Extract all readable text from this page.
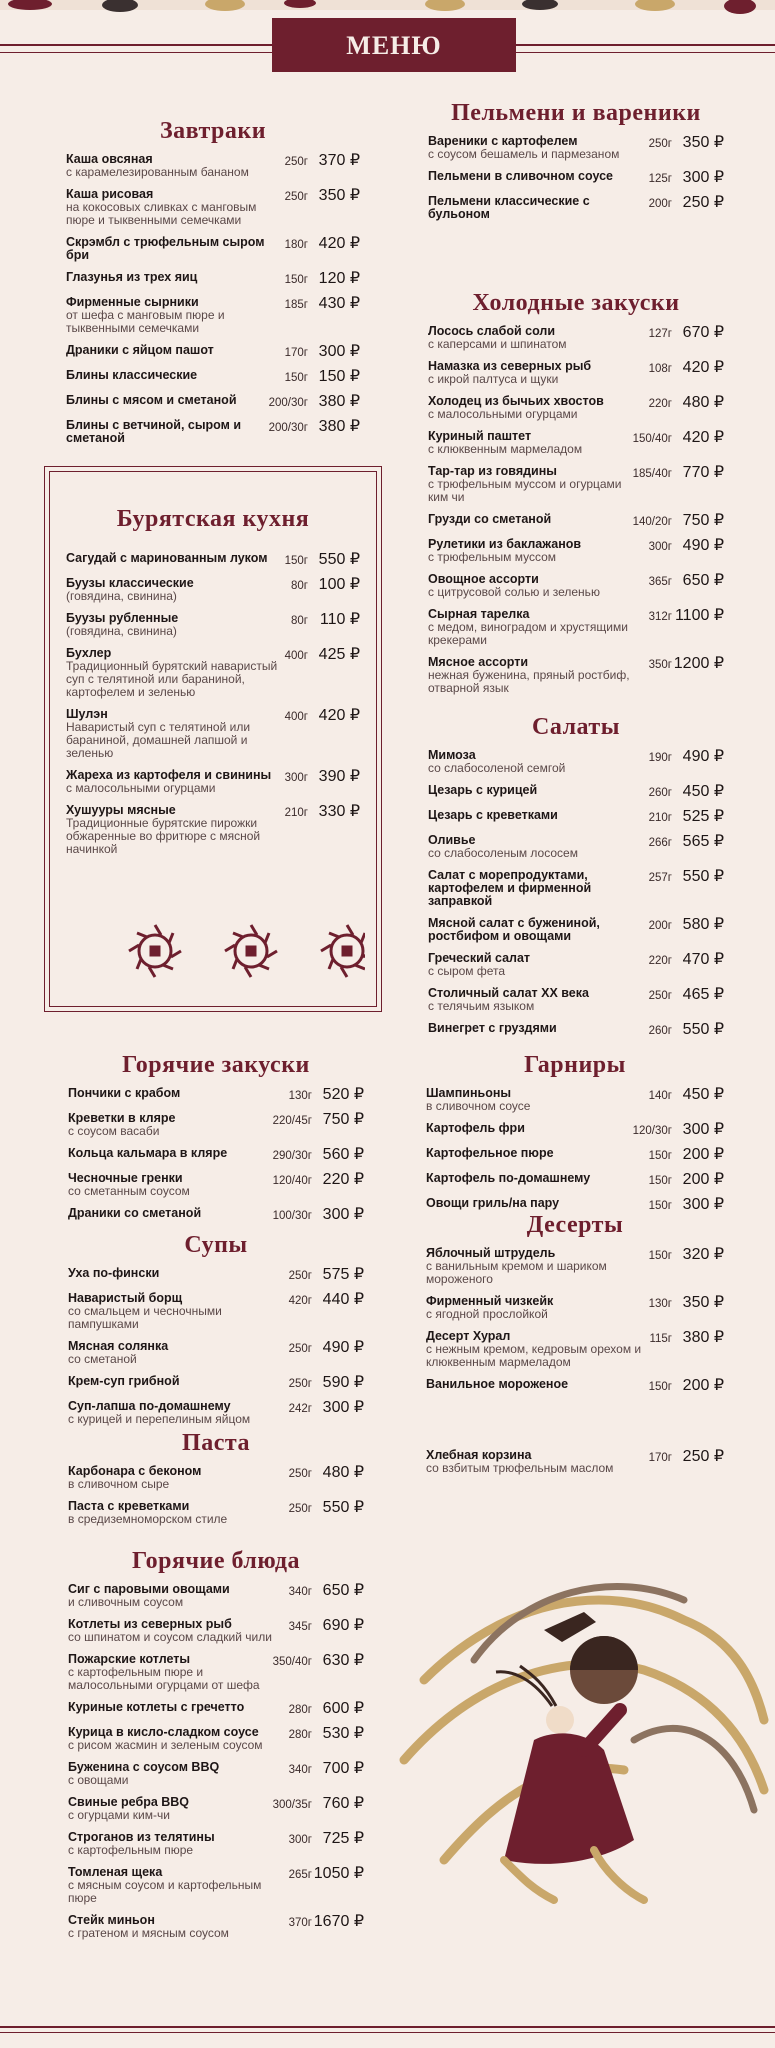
МЕНЮ
Завтраки
Каша овсяная
с карамелезированным бананом
250г 370 ₽
Каша рисовая
на кокосовых сливках с манговым пюре и тыквенными семечками
250г 350 ₽
Скрэмбл с трюфельным сыром бри
180г 420 ₽
Глазунья из трех яиц	150г 120 ₽
Фирменные сырники
от шефа с манговым пюре и тыквенными семечками
185г 430 ₽
Драники с яйцом пашот	170г 300 ₽
Блины классические	150г 150 ₽
Блины с мясом и сметаной	200/30г 380 ₽
Блины с ветчиной, сыром и сметаной
200/30г 380 ₽
Бурятская кухня
Сагудай с маринованным луком	150г 550 ₽
Буузы классические
(говядина, свинина)
80г 100 ₽
Буузы рубленные
(говядина, свинина)
80г 110 ₽
Бухлер
Традиционный бурятский наваристый суп с телятиной или бараниной, картофелем и зеленью
400г 425 ₽
Шулэн
Наваристый суп с телятиной или бараниной, домашней лапшой и зеленью
400г 420 ₽
Жареха из картофеля и свинины
с малосольными огурцами
300г 390 ₽
Хушууры мясные
Традиционные бурятские пирожки обжаренные во фритюре с мясной начинкой
210г 330 ₽
Горячие закуски
Пончики с крабом	130г 520 ₽
Креветки в кляре
с соусом васаби
220/45г 750 ₽
Кольца кальмара в кляре	290/30г 560 ₽
Чесночные гренки
со сметанным соусом
120/40г 220 ₽
Драники со сметаной	100/30г 300 ₽
Супы
Уха по-фински	250г 575 ₽
Наваристый борщ
со смальцем и чесночными пампушками
420г 440 ₽
Мясная солянка
со сметаной
250г 490 ₽
Крем-суп грибной	250г 590 ₽
Суп-лапша по-домашнему
с курицей и перепелиным яйцом
242г 300 ₽
Паста
Карбонара с беконом
в сливочном сыре
250г 480 ₽
Паста с креветками
в средиземноморском стиле
250г 550 ₽
Горячие блюда
Сиг с паровыми овощами
и сливочным соусом
340г 650 ₽
Котлеты из северных рыб
со шпинатом и соусом сладкий чили
345г 690 ₽
Пожарские котлеты
с картофельным пюре и малосольными огурцами от шефа
350/40г 630 ₽
Куриные котлеты с гречетто	280г 600 ₽
Курица в кисло-сладком соусе
с рисом жасмин и зеленым соусом
280г 530 ₽
Буженина с соусом BBQ
с овощами
340г 700 ₽
Свиные ребра BBQ
с огурцами ким-чи
300/35г 760 ₽
Строганов из телятины
с картофельным пюре
300г 725 ₽
Томленая щека
с мясным соусом и картофельным пюре
265г 1050 ₽
Стейк миньон
с гратеном и мясным соусом
370г 1670 ₽
Пельмени и вареники
Вареники с картофелем
с соусом бешамель и пармезаном
250г 350 ₽
Пельмени в сливочном соусе	125г 300 ₽
Пельмени классические с бульоном
200г 250 ₽
Холодные закуски
Лосось слабой соли
с каперсами и шпинатом
127г 670 ₽
Намазка из северных рыб
с икрой палтуса и щуки
108г 420 ₽
Холодец из бычьих хвостов
с малосольными огурцами
220г 480 ₽
Куриный паштет
с клюквенным мармеладом
150/40г 420 ₽
Тар-тар из говядины
с трюфельным муссом и огурцами ким чи
185/40г 770 ₽
Грузди со сметаной	140/20г 750 ₽
Рулетики из баклажанов
с трюфельным муссом
300г 490 ₽
Овощное ассорти
с цитрусовой солью и зеленью
365г 650 ₽
Сырная тарелка
с медом, виноградом и хрустящими крекерами
312г 1100 ₽
Мясное ассорти
нежная буженина, пряный ростбиф, отварной язык
350г 1200 ₽
Салаты
Мимоза
со слабосоленой семгой
190г 490 ₽
Цезарь с курицей	260г 450 ₽
Цезарь с креветками	210г 525 ₽
Оливье
со слабосоленым лососем
266г 565 ₽
Салат с морепродуктами, картофелем и фирменной заправкой
257г 550 ₽
Мясной салат с бужениной, ростбифом и овощами
200г 580 ₽
Греческий салат
с сыром фета
220г 470 ₽
Столичный салат XX века
с телячьим языком
250г 465 ₽
Винегрет с груздями	260г 550 ₽
Гарниры
Шампиньоны
в сливочном соусе
140г 450 ₽
Картофель фри	120/30г 300 ₽
Картофельное пюре	150г 200 ₽
Картофель по-домашнему	150г 200 ₽
Овощи гриль/на пару	150г 300 ₽
Десерты
Яблочный штрудель
с ванильным кремом и шариком мороженого
150г 320 ₽
Фирменный чизкейк
с ягодной прослойкой
130г 350 ₽
Десерт Хурал
с нежным кремом, кедровым орехом и клюквенным мармеладом
115г 380 ₽
Ванильное мороженое	150г 200 ₽
Хлебная корзина
со взбитым трюфельным маслом
170г 250 ₽
